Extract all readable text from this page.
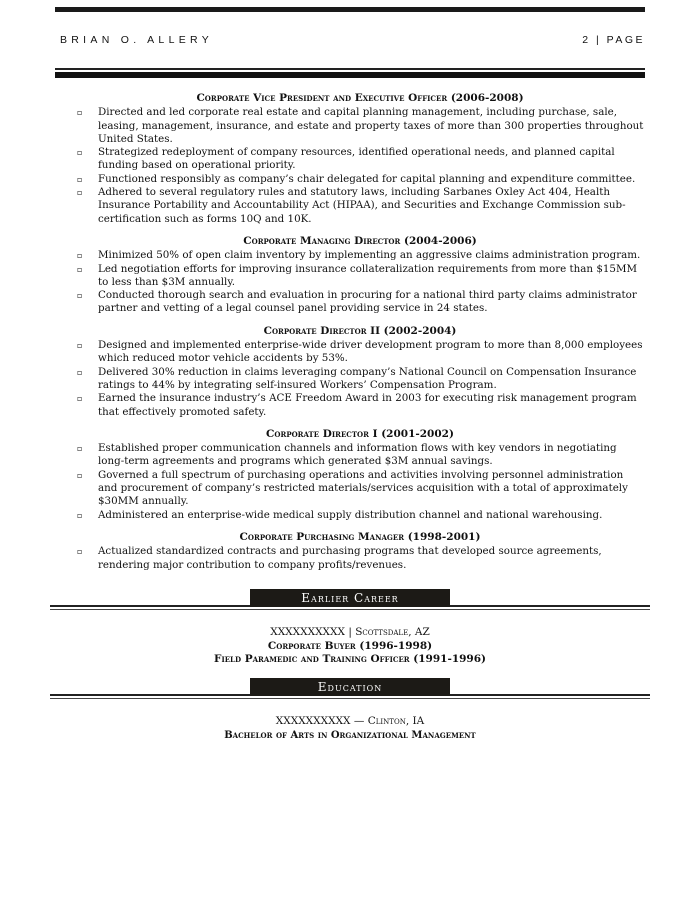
BRIAN O. ALLERY	2 | PAGE
Corporate Vice President and Executive Officer (2006-2008)
▫ Directed and led corporate real estate and capital planning management, including purchase, sale, leasing, management, insurance, and estate and property taxes of more than 300 properties throughout United States.
▫ Strategized redeployment of company resources, identified operational needs, and planned capital funding based on operational priority.
▫ Functioned responsibly as company’s chair delegated for capital planning and expenditure committee.
▫ Adhered to several regulatory rules and statutory laws, including Sarbanes Oxley Act 404, Health Insurance Portability and Accountability Act (HIPAA), and Securities and Exchange Commission sub-certification such as forms 10Q and 10K.
Corporate Managing Director (2004-2006)
▫ Minimized 50% of open claim inventory by implementing an aggressive claims administration program.
▫ Led negotiation efforts for improving insurance collateralization requirements from more than $15MM to less than $3M annually.
▫ Conducted thorough search and evaluation in procuring for a national third party claims administrator partner and vetting of a legal counsel panel providing service in 24 states.
Corporate Director II (2002-2004)
▫ Designed and implemented enterprise-wide driver development program to more than 8,000 employees which reduced motor vehicle accidents by 53%.
▫ Delivered 30% reduction in claims leveraging company’s National Council on Compensation Insurance ratings to 44% by integrating self-insured Workers’ Compensation Program.
▫ Earned the insurance industry’s ACE Freedom Award in 2003 for executing risk management program that effectively promoted safety.
Corporate Director I (2001-2002)
▫ Established proper communication channels and information flows with key vendors in negotiating long-term agreements and programs which generated $3M annual savings.
▫ Governed a full spectrum of purchasing operations and activities involving personnel administration and procurement of company’s restricted materials/services acquisition with a total of approximately $30MM annually.
▫ Administered an enterprise-wide medical supply distribution channel and national warehousing.
Corporate Purchasing Manager (1998-2001)
▫ Actualized standardized contracts and purchasing programs that developed source agreements, rendering major contribution to company profits/revenues.
Earlier Career
XXXXXXXXXX | Scottsdale, AZ
Corporate Buyer (1996-1998)
Field Paramedic and Training Officer (1991-1996)
Education
XXXXXXXXXX — Clinton, IA
Bachelor of Arts in Organizational Management
